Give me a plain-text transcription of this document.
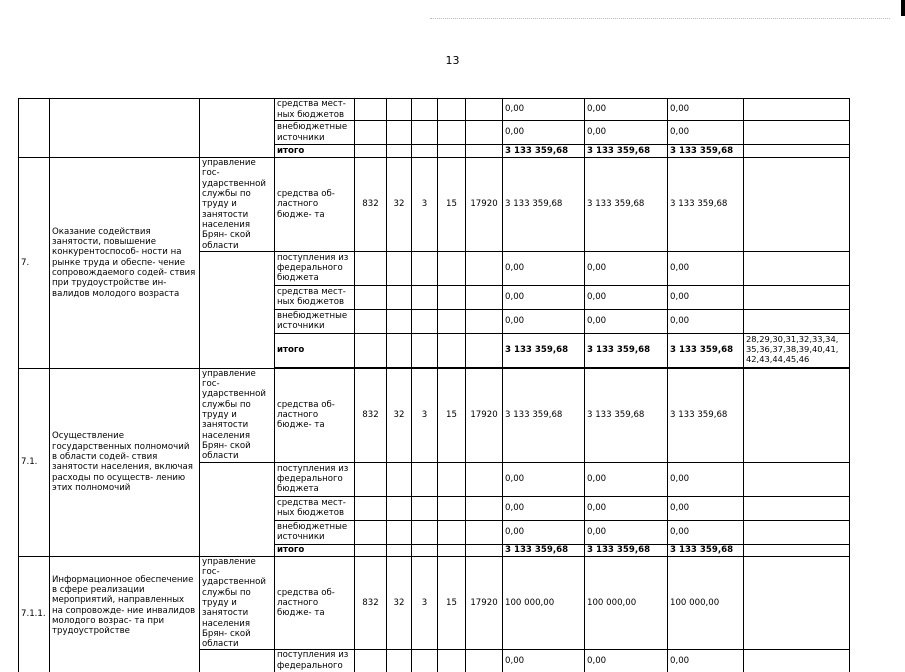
13
			средства мест- ных бюджетов						0,00	0,00	0,00	
			внебюджетные источники						0,00	0,00	0,00	
			итого						3 133 359,68	3 133 359,68	3 133 359,68	
7.	Оказание содействия занятости, повышение конкурентоспособ- ности на рынке труда и обеспе- чение сопровождаемого содей- ствия при трудоустройстве ин- валидов молодого возраста	управление гос- ударственной службы по труду и занятости населения Брян- ской области	средства об- ластного бюдже- та	832	32	3	15	17920	3 133 359,68	3 133 359,68	3 133 359,68	
			поступления из федерального бюджета						0,00	0,00	0,00	
			средства мест- ных бюджетов						0,00	0,00	0,00	
			внебюджетные источники						0,00	0,00	0,00	
			итого						3 133 359,68	3 133 359,68	3 133 359,68	28,29,30,31,32,33,34, 35,36,37,38,39,40,41, 42,43,44,45,46

7.1.	Осуществление государственных полномочий в области содей- ствия занятости населения, включая расходы по осуществ- лению этих полномочий	управление гос- ударственной службы по труду и занятости населения Брян- ской области	средства об- ластного бюдже- та	832	32	3	15	17920	3 133 359,68	3 133 359,68	3 133 359,68	
			поступления из федерального бюджета						0,00	0,00	0,00	
			средства мест- ных бюджетов						0,00	0,00	0,00	
			внебюджетные источники						0,00	0,00	0,00	
			итого						3 133 359,68	3 133 359,68	3 133 359,68	
7.1.1.	Информационное обеспечение в сфере реализации мероприятий, направленных на сопровожде- ние инвалидов молодого возрас- та при трудоустройстве	управление гос- ударственной службы по труду и занятости населения Брян- ской области	средства об- ластного бюдже- та	832	32	3	15	17920	100 000,00	100 000,00	100 000,00	
			поступления из федерального						0,00	0,00	0,00	
